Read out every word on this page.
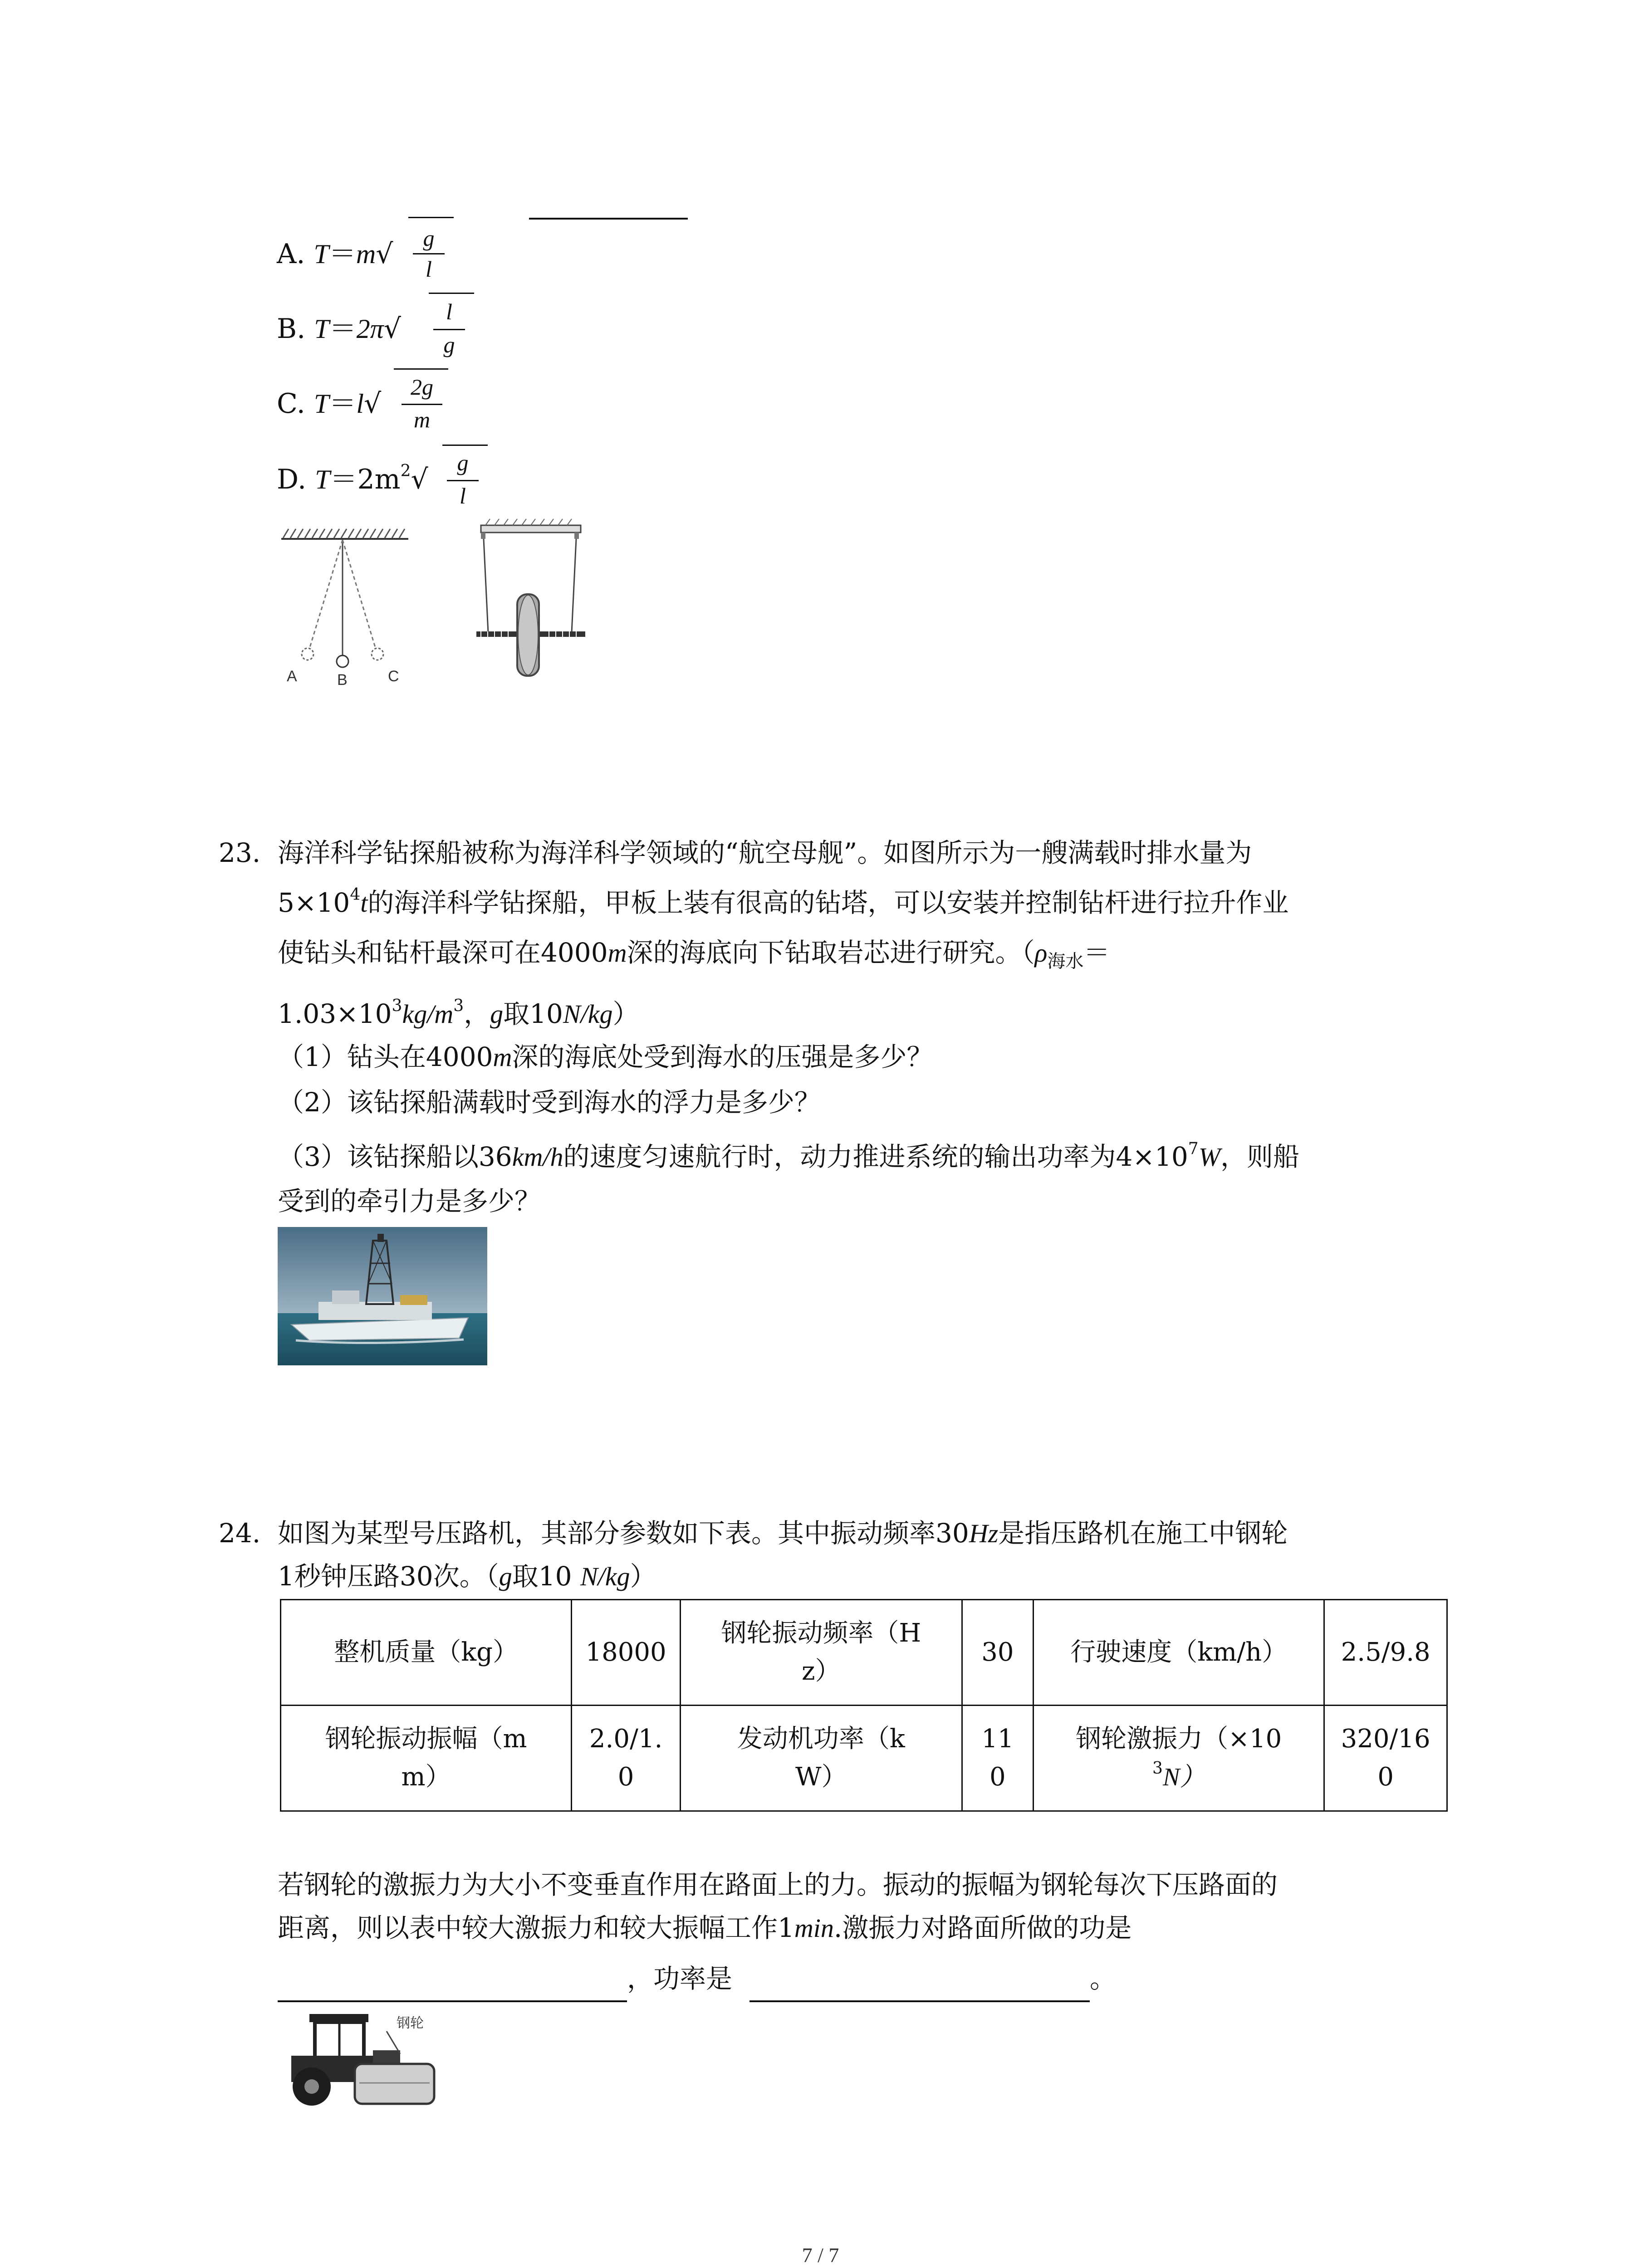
A. T＝m√	g
l
B. T＝2π√
l
g
C. T＝l√
2g
m
D. $T=2m^2√$
g
l
A	B	C
23. 海洋科学钻探船被称为海洋科学领域的“航空母舰”。如图所示为一艘满载时排水量为
$5\times 10^4t$的海洋科学钻探船，甲板上装有很高的钻塔，可以安装并控制钻杆进行拉升作业
使钻头和钻杆最深可在4000m深的海底向下钻取岩芯进行研究。（$\rho_{海水}=$
$1.03\times 10^3kg/m^3$，g取10N/kg）
（1）钻头在4000m深的海底处受到海水的压强是多少？
（2）该钻探船满载时受到海水的浮力是多少？
（3）该钻探船以36km/h的速度匀速航行时，动力推进系统的输出功率为$4\times 10^7W$，则船
受到的牵引力是多少？
24. 如图为某型号压路机，其部分参数如下表。其中振动频率30Hz是指压路机在施工中钢轮
1秒钟压路30次。（g取10 N/kg）
整机质量（kg）	18000	钢轮振动频率（H
z）	30	行驶速度（km/h）	2.5/9.8
钢轮振动振幅（m
m）	2.0/1.
0	发动机功率（k
W）	11
0	钢轮激振力（×10
$^3$N）	320/16
0
若钢轮的激振力为大小不变垂直作用在路面上的力。振动的振幅为钢轮每次下压路面的
距离，则以表中较大激振力和较大振幅工作1min.激振力对路面所做的功是
，功率是	。
钢轮
7 / 7
